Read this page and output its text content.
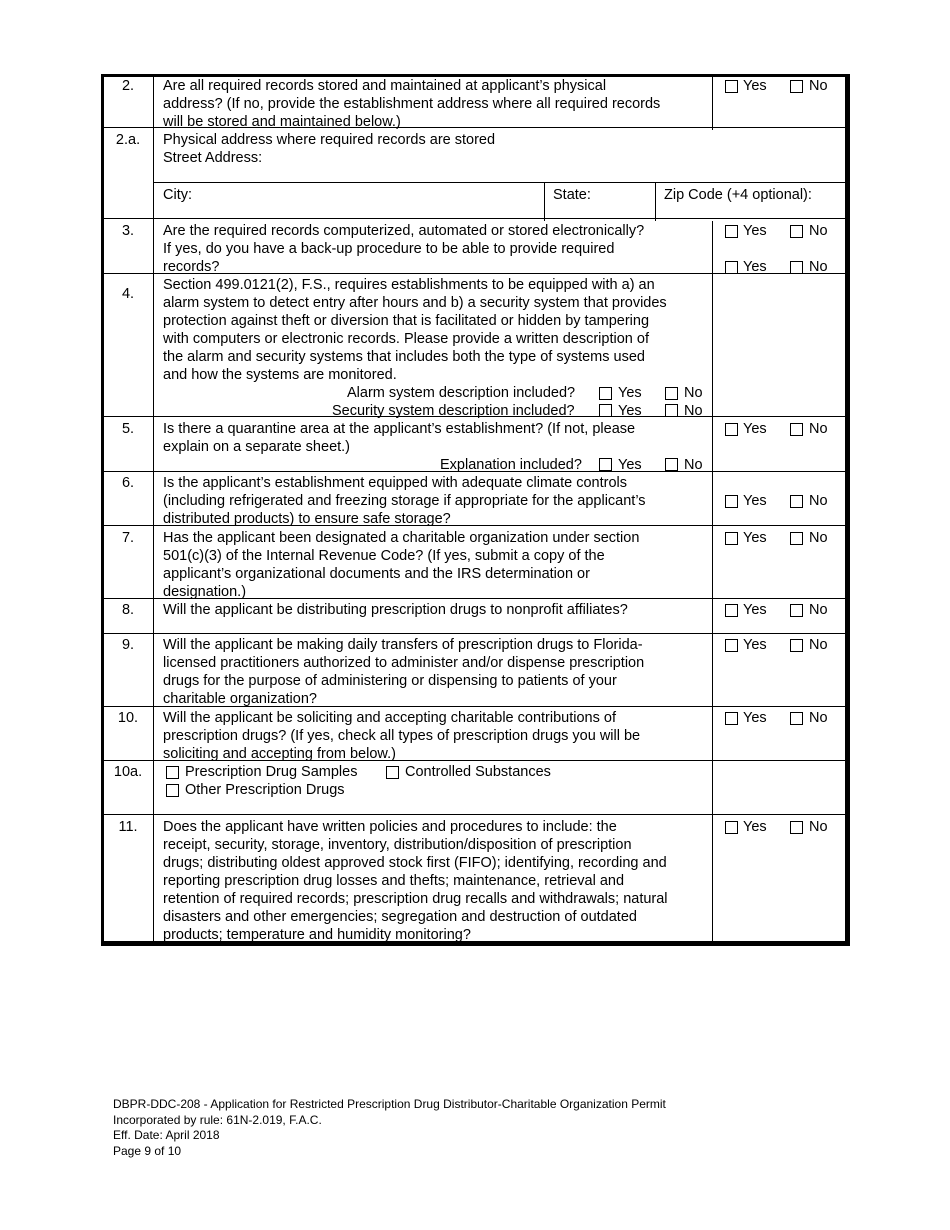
2.	Are all required records stored and maintained at applicant’s physical
address? (If no, provide the establishment address where all required records
will be stored and maintained below.)
Yes	No
2.a.	Physical address where required records are stored
Street Address:
City:	State:	Zip Code (+4 optional):
3.	Are the required records computerized, automated or stored electronically?
If yes, do you have a back-up procedure to be able to provide required
records?
Yes	No
Yes	No
4.
Section 499.0121(2), F.S., requires establishments to be equipped with a) an
alarm system to detect entry after hours and b) a security system that provides
protection against theft or diversion that is facilitated or hidden by tampering
with computers or electronic records. Please provide a written description of
the alarm and security systems that includes both the type of systems used
and how the systems are monitored.
Alarm system description included?	Yes	No
Security system description included?	Yes	No
5.	Is there a quarantine area at the applicant’s establishment? (If not, please
explain on a separate sheet.)
Explanation included? Yes	No
Yes	No
6.	Is the applicant’s establishment equipped with adequate climate controls
(including refrigerated and freezing storage if appropriate for the applicant’s
distributed products) to ensure safe storage?
Yes	No
7.	Has the applicant been designated a charitable organization under section
501(c)(3) of the Internal Revenue Code? (If yes, submit a copy of the
applicant’s organizational documents and the IRS determination or
designation.)
Yes	No
8.	Will the applicant be distributing prescription drugs to nonprofit affiliates?	Yes	No
9.	Will the applicant be making daily transfers of prescription drugs to Florida-
licensed practitioners authorized to administer and/or dispense prescription
drugs for the purpose of administering or dispensing to patients of your
charitable organization?
Yes	No
10.	Will the applicant be soliciting and accepting charitable contributions of
prescription drugs? (If yes, check all types of prescription drugs you will be
soliciting and accepting from below.)
Yes	No
10a.	Prescription Drug Samples	Controlled Substances
Other Prescription Drugs
11.	Does the applicant have written policies and procedures to include: the
receipt, security, storage, inventory, distribution/disposition of prescription
drugs; distributing oldest approved stock first (FIFO); identifying, recording and
reporting prescription drug losses and thefts; maintenance, retrieval and
retention of required records; prescription drug recalls and withdrawals; natural
disasters and other emergencies; segregation and destruction of outdated
products; temperature and humidity monitoring?
Yes	No
DBPR-DDC-208 - Application for Restricted Prescription Drug Distributor-Charitable Organization Permit
Incorporated by rule: 61N-2.019, F.A.C.
Eff. Date: April 2018
Page 9 of 10
